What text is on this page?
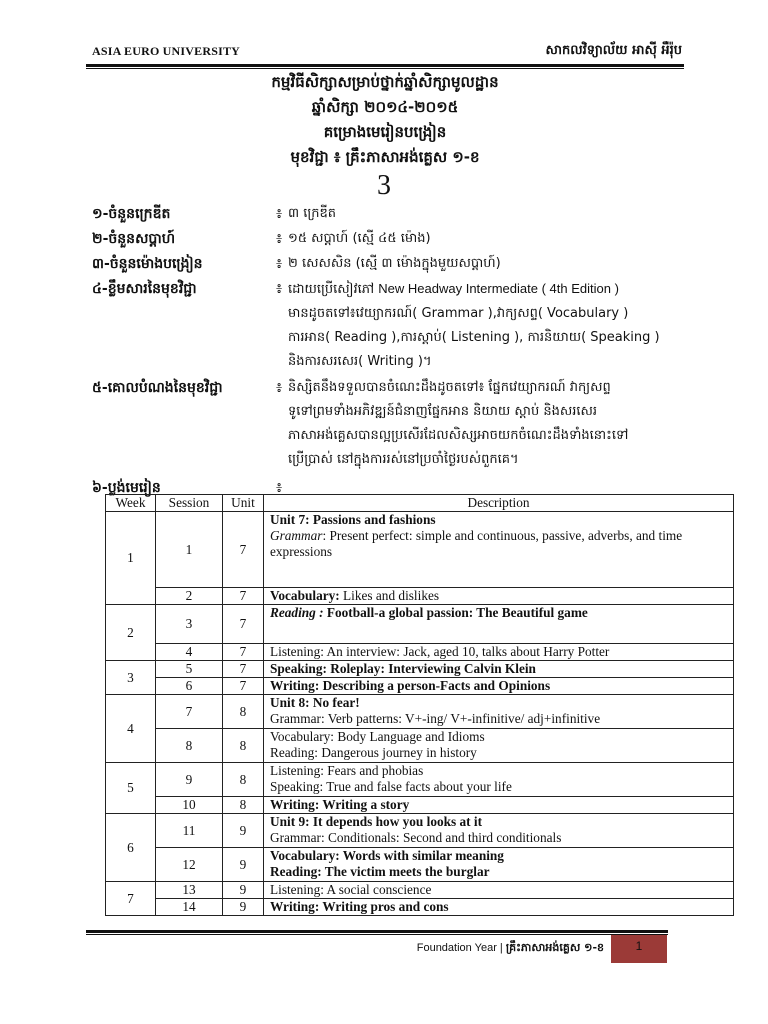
ASIA EURO UNIVERSITY	សាកលវិទ្យាល័យ អាស៊ី អឺរ៉ុប
កម្មវិធីសិក្សាសម្រាប់ថ្នាក់ឆ្នាំសិក្សាមូលដ្ឋាន
ឆ្នាំសិក្សា ២០១៤-២០១៥
គម្រោងមេរៀនបង្រៀន
មុខវិជ្ជា ៖ គ្រឹះភាសាអង់គ្លេស ១-ខ
3
១-ចំនួនក្រេឌីត	៖ ៣ ក្រេឌីត
២-ចំនួនសប្តាហ៍	៖ ១៥ សប្តាហ៍ (ស្មើ ៤៥ ម៉ោង)
៣-ចំនួនម៉ោងបង្រៀន	៖ ២ សេសសិន (ស្មើ ៣ ម៉ោងក្នុងមួយសប្តាហ៍)
៤-ខ្លឹមសារនៃមុខវិជ្ជា	៖ ដោយប្រើសៀវភៅ New Headway Intermediate ( 4th Edition )
មានដូចតទៅ៖វេយ្យាករណ៍( Grammar ),វាក្យសព្ទ( Vocabulary )
ការអាន( Reading ),ការស្តាប់( Listening ), ការនិយាយ( Speaking )
និងការសរសេរ( Writing )។
៥-គោលបំណងនៃមុខវិជ្ជា	៖ និស្សិតនឹងទទួលបានចំណេះដឹងដូចតទៅ៖ ផ្នែកវេយ្យាករណ៍ វាក្យសព្ទ
ទូទៅព្រមទាំងអភិវឌ្ឍន៍ជំនាញផ្នែកអាន និយាយ ស្តាប់ និងសរសេរ
ភាសាអង់គ្លេសបានល្អប្រសើរដែលសិស្សអាចយកចំណេះដឹងទាំងនោះទៅ
ប្រើប្រាស់ នៅក្នុងការរស់នៅប្រចាំថ្ងៃរបស់ពួកគេ។
៦-ប្លង់មេរៀន	៖
Week	Session	Unit	Description
1	1	7	Unit 7: Passions and fashions
Grammar: Present perfect: simple and continuous, passive, adverbs, and time expressions

	2	7	Vocabulary: Likes and dislikes
2	3	7	Reading : Football-a global passion: The Beautiful game
	4	7	Listening: An interview: Jack, aged 10, talks about Harry Potter
3	5	7	Speaking: Roleplay: Interviewing Calvin Klein
	6	7	Writing: Describing a person-Facts and Opinions
4	7	8	Unit 8: No fear!
Grammar: Verb patterns: V+-ing/ V+-infinitive/ adj+infinitive

	8	8	Vocabulary: Body Language and Idioms
Reading: Dangerous journey in history

5	9	8	Listening: Fears and phobias
Speaking: True and false facts about your life

	10	8	Writing: Writing a story
6	11	9	Unit 9: It depends how you looks at it
Grammar: Conditionals: Second and third conditionals

	12	9	Vocabulary: Words with similar meaning
Reading: The victim meets the burglar

7	13	9	Listening: A social conscience
	14	9	Writing: Writing pros and cons
Foundation Year | គ្រឹះភាសាអង់គ្លេស ១-ខ	1
